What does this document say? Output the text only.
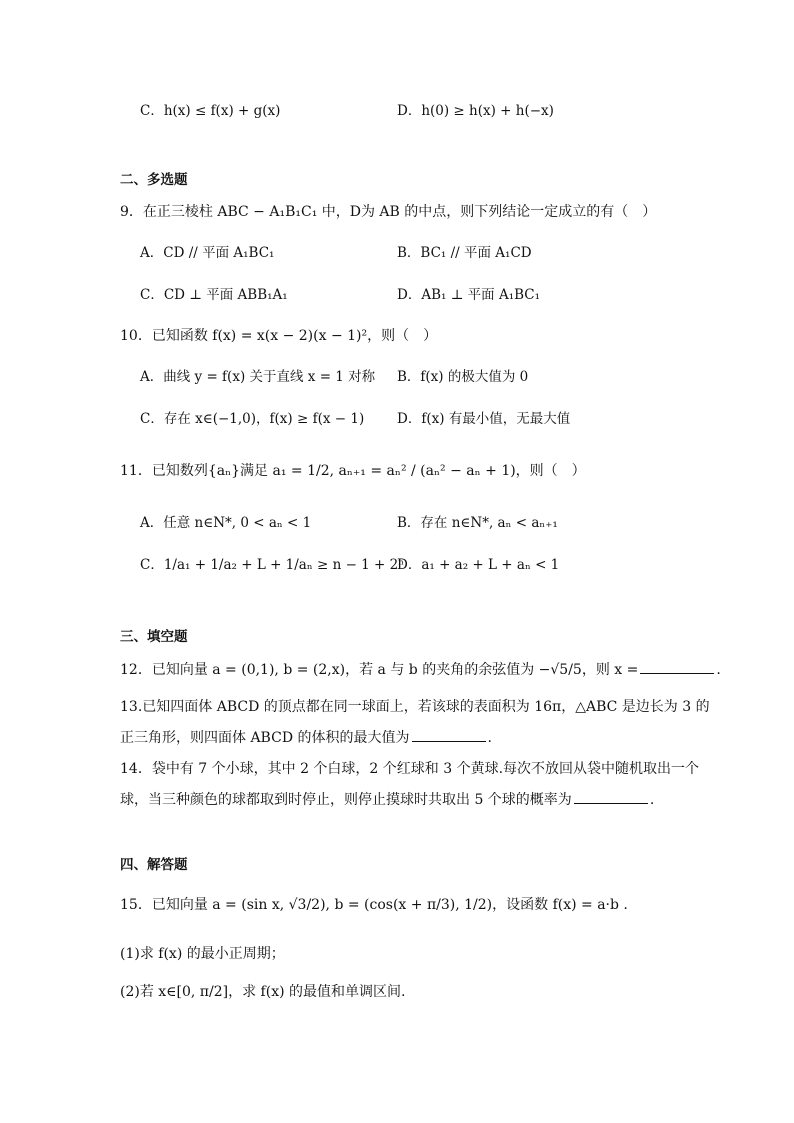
C．h(x) ≤ f(x) + g(x)	D．h(0) ≥ h(x) + h(−x)
二、多选题
9．在正三棱柱 ABC − A₁B₁C₁ 中，D为 AB 的中点，则下列结论一定成立的有（　）
A．CD // 平面 A₁BC₁	B．BC₁ // 平面 A₁CD
C．CD ⊥ 平面 ABB₁A₁	D．AB₁ ⊥ 平面 A₁BC₁
10．已知函数 f(x) = x(x − 2)(x − 1)²，则（　）
A．曲线 y = f(x) 关于直线 x = 1 对称 B．f(x) 的极大值为 0
C．存在 x∈(−1,0)，f(x) ≥ f(x − 1) D．f(x) 有最小值，无最大值
11．已知数列{aₙ}满足 a₁ = 1/2, aₙ₊₁ = aₙ² / (aₙ² − aₙ + 1)，则（　）
A．任意 n∈N*, 0 < aₙ < 1	B．存在 n∈N*, aₙ < aₙ₊₁
C．1/a₁ + 1/a₂ + L + 1/aₙ ≥ n − 1 + 2ⁿ
D．a₁ + a₂ + L + aₙ < 1
三、填空题
12．已知向量 a = (0,1), b = (2,x)，若 a 与 b 的夹角的余弦值为 −√5/5，则 x =	.
13.已知四面体 ABCD 的顶点都在同一球面上，若该球的表面积为 16π，△ABC 是边长为 3 的
正三角形，则四面体 ABCD 的体积的最大值为	.
14．袋中有 7 个小球，其中 2 个白球，2 个红球和 3 个黄球.每次不放回从袋中随机取出一个
球，当三种颜色的球都取到时停止，则停止摸球时共取出 5 个球的概率为	.
四、解答题
15．已知向量 a = (sin x, √3/2), b = (cos(x + π/3), 1/2)，设函数 f(x) = a·b .
(1)求 f(x) 的最小正周期；
(2)若 x∈[0, π/2]，求 f(x) 的最值和单调区间.
